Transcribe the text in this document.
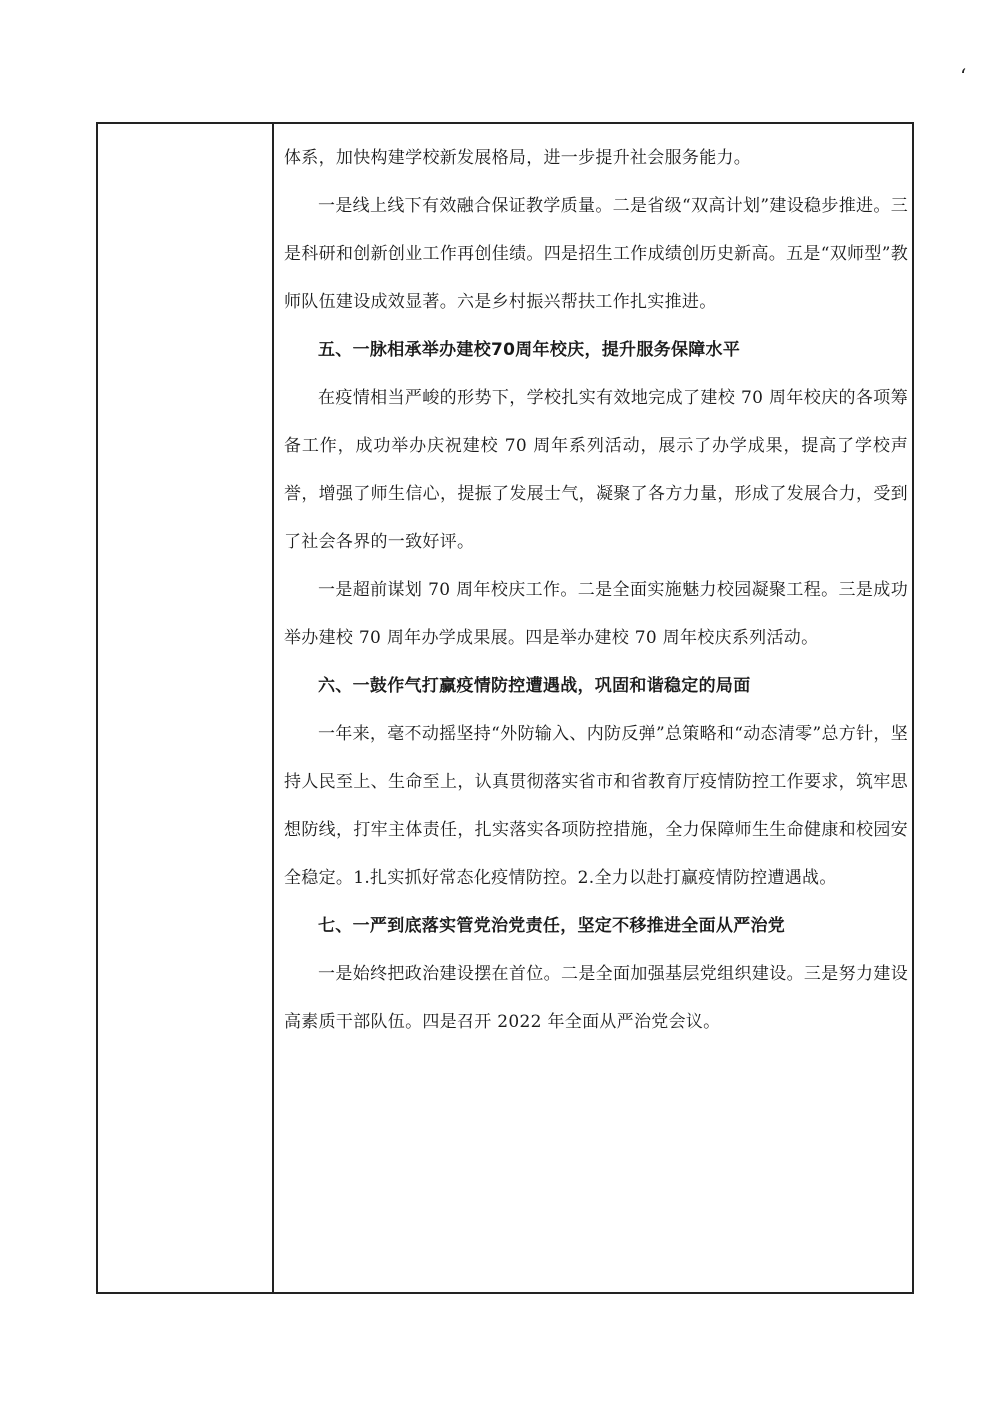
‘

体系，加快构建学校新发展格局，进一步提升社会服务能力。

一是线上线下有效融合保证教学质量。二是省级“双高计划”建设稳步推进。三是科研和创新创业工作再创佳绩。四是招生工作成绩创历史新高。五是“双师型”教师队伍建设成效显著。六是乡村振兴帮扶工作扎实推进。

五、一脉相承举办建校70周年校庆，提升服务保障水平

在疫情相当严峻的形势下，学校扎实有效地完成了建校 70 周年校庆的各项筹备工作，成功举办庆祝建校 70 周年系列活动，展示了办学成果，提高了学校声誉，增强了师生信心，提振了发展士气，凝聚了各方力量，形成了发展合力，受到了社会各界的一致好评。

一是超前谋划 70 周年校庆工作。二是全面实施魅力校园凝聚工程。三是成功举办建校 70 周年办学成果展。四是举办建校 70 周年校庆系列活动。

六、一鼓作气打赢疫情防控遭遇战，巩固和谐稳定的局面

一年来，毫不动摇坚持“外防输入、内防反弹”总策略和“动态清零”总方针，坚持人民至上、生命至上，认真贯彻落实省市和省教育厅疫情防控工作要求，筑牢思想防线，打牢主体责任，扎实落实各项防控措施，全力保障师生生命健康和校园安全稳定。1.扎实抓好常态化疫情防控。2.全力以赴打赢疫情防控遭遇战。

七、一严到底落实管党治党责任，坚定不移推进全面从严治党

一是始终把政治建设摆在首位。二是全面加强基层党组织建设。三是努力建设高素质干部队伍。四是召开 2022 年全面从严治党会议。
